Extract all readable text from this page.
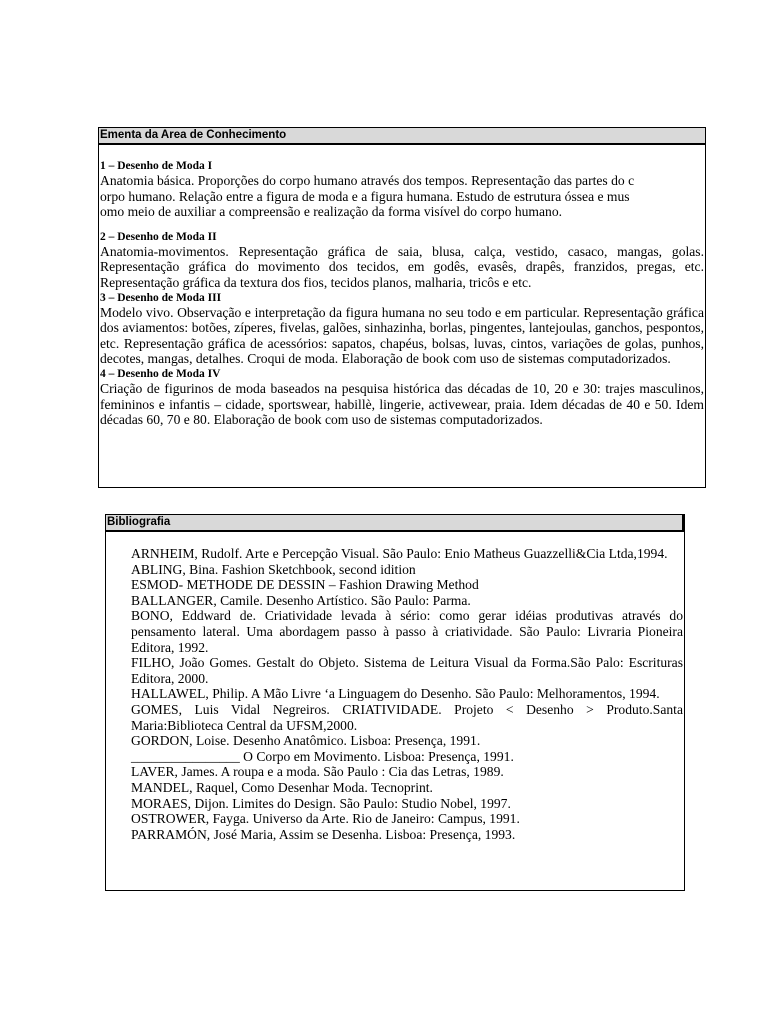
Ementa da Area de Conhecimento
1 – Desenho de Moda I

Anatomia básica. Proporções do corpo humano através dos tempos. Representação das partes do c

orpo humano. Relação entre a figura de moda e a figura humana. Estudo de estrutura óssea e mus

omo meio de auxiliar a compreensão e realização da forma visível do corpo humano.

2 – Desenho de Moda II
Anatomia-movimentos. Representação gráfica de saia, blusa, calça, vestido, casaco, mangas, golas. Representação gráfica do movimento dos tecidos, em godês, evasês, drapês, franzidos, pregas, etc. Representação gráfica da textura dos fios, tecidos planos, malharia, tricôs e etc.
3 – Desenho de Moda III
Modelo vivo. Observação e interpretação da figura humana no seu todo e em particular. Representação gráfica dos aviamentos: botões, zíperes, fivelas, galões, sinhazinha, borlas, pingentes, lantejoulas, ganchos, pespontos, etc. Representação gráfica de acessórios: sapatos, chapéus, bolsas, luvas, cintos, variações de golas, punhos, decotes, mangas, detalhes. Croqui de moda. Elaboração de book com uso de sistemas computadorizados.
4 – Desenho de Moda IV
Criação de figurinos de moda baseados na pesquisa histórica das décadas de 10, 20 e 30: trajes masculinos, femininos e infantis – cidade, sportswear, habillè, lingerie, activewear, praia. Idem décadas de 40 e 50. Idem décadas 60, 70 e 80. Elaboração de book com uso de sistemas computadorizados.
Bibliografia

ARNHEIM, Rudolf. Arte e Percepção Visual. São Paulo: Enio Matheus Guazzelli&Cia Ltda,1994.

ABLING, Bina. Fashion Sketchbook, second idition

ESMOD- METHODE DE DESSIN – Fashion Drawing Method

BALLANGER, Camile. Desenho Artístico. São Paulo: Parma.

BONO, Eddward de. Criatividade levada à sério: como gerar idéias produtivas através do pensamento lateral. Uma abordagem passo à passo à criatividade. São Paulo: Livraria Pioneira Editora, 1992.

FILHO, João Gomes. Gestalt do Objeto. Sistema de Leitura Visual da Forma.São Palo: Escrituras Editora, 2000.

HALLAWEL, Philip. A Mão Livre ‘a Linguagem do Desenho. São Paulo: Melhoramentos, 1994.

GOMES, Luis Vidal Negreiros. CRIATIVIDADE. Projeto < Desenho > Produto.Santa Maria:Biblioteca Central da UFSM,2000.

GORDON, Loise. Desenho Anatômico. Lisboa: Presença, 1991.

________________ O Corpo em Movimento. Lisboa: Presença, 1991.

LAVER, James. A roupa e a moda. São Paulo : Cia das Letras, 1989.

MANDEL, Raquel, Como Desenhar Moda. Tecnoprint.

MORAES, Dijon. Limites do Design. São Paulo: Studio Nobel, 1997.

OSTROWER, Fayga. Universo da Arte. Rio de Janeiro: Campus, 1991.

PARRAMÓN, José Maria, Assim se Desenha. Lisboa: Presença, 1993.
